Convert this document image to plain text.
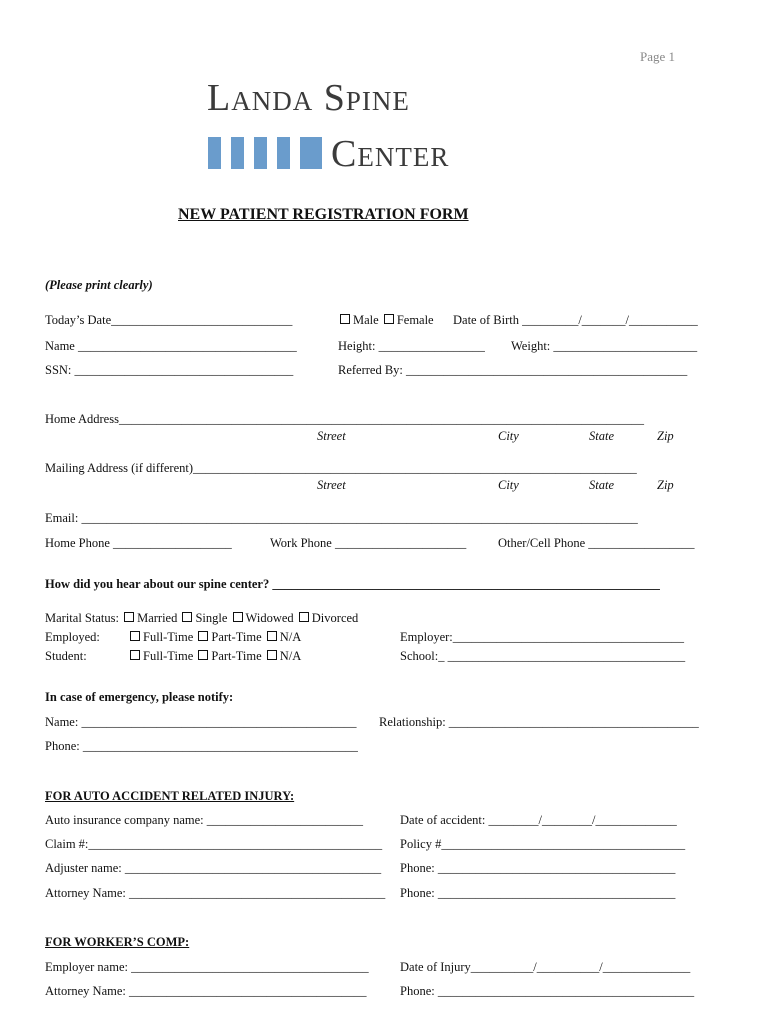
Page 1
Landa Spine
Center
NEW PATIENT REGISTRATION FORM
(Please print clearly)
Today’s Date_____________________________	Male Female Date of Birth _________/_______/___________
Name ___________________________________	Height: _________________ Weight: _______________________
SSN: ___________________________________	Referred By: _____________________________________________
Home Address____________________________________________________________________________________
Street	City	State	Zip
Mailing Address (if different)_______________________________________________________________________
Street	City	State	Zip
Email: _________________________________________________________________________________________
Home Phone ___________________	Work Phone _____________________	Other/Cell Phone _________________
How did you hear about our spine center? ______________________________________________________________
Marital Status: Married Single Widowed Divorced
Employed:	Full-Time Part-Time N/A	Employer:_____________________________________
Student:	Full-Time Part-Time N/A	School:_ ______________________________________
In case of emergency, please notify:
Name: ____________________________________________ Relationship: ________________________________________
Phone: ____________________________________________
FOR AUTO ACCIDENT RELATED INJURY:
Auto insurance company name: _________________________	Date of accident: ________/________/_____________
Claim #:_______________________________________________ Policy #_______________________________________
Adjuster name: _________________________________________ Phone: ______________________________________
Attorney Name: _________________________________________ Phone: ______________________________________
FOR WORKER’S COMP:
Employer name: ______________________________________	Date of Injury__________/__________/______________
Attorney Name: ______________________________________	Phone: _________________________________________
